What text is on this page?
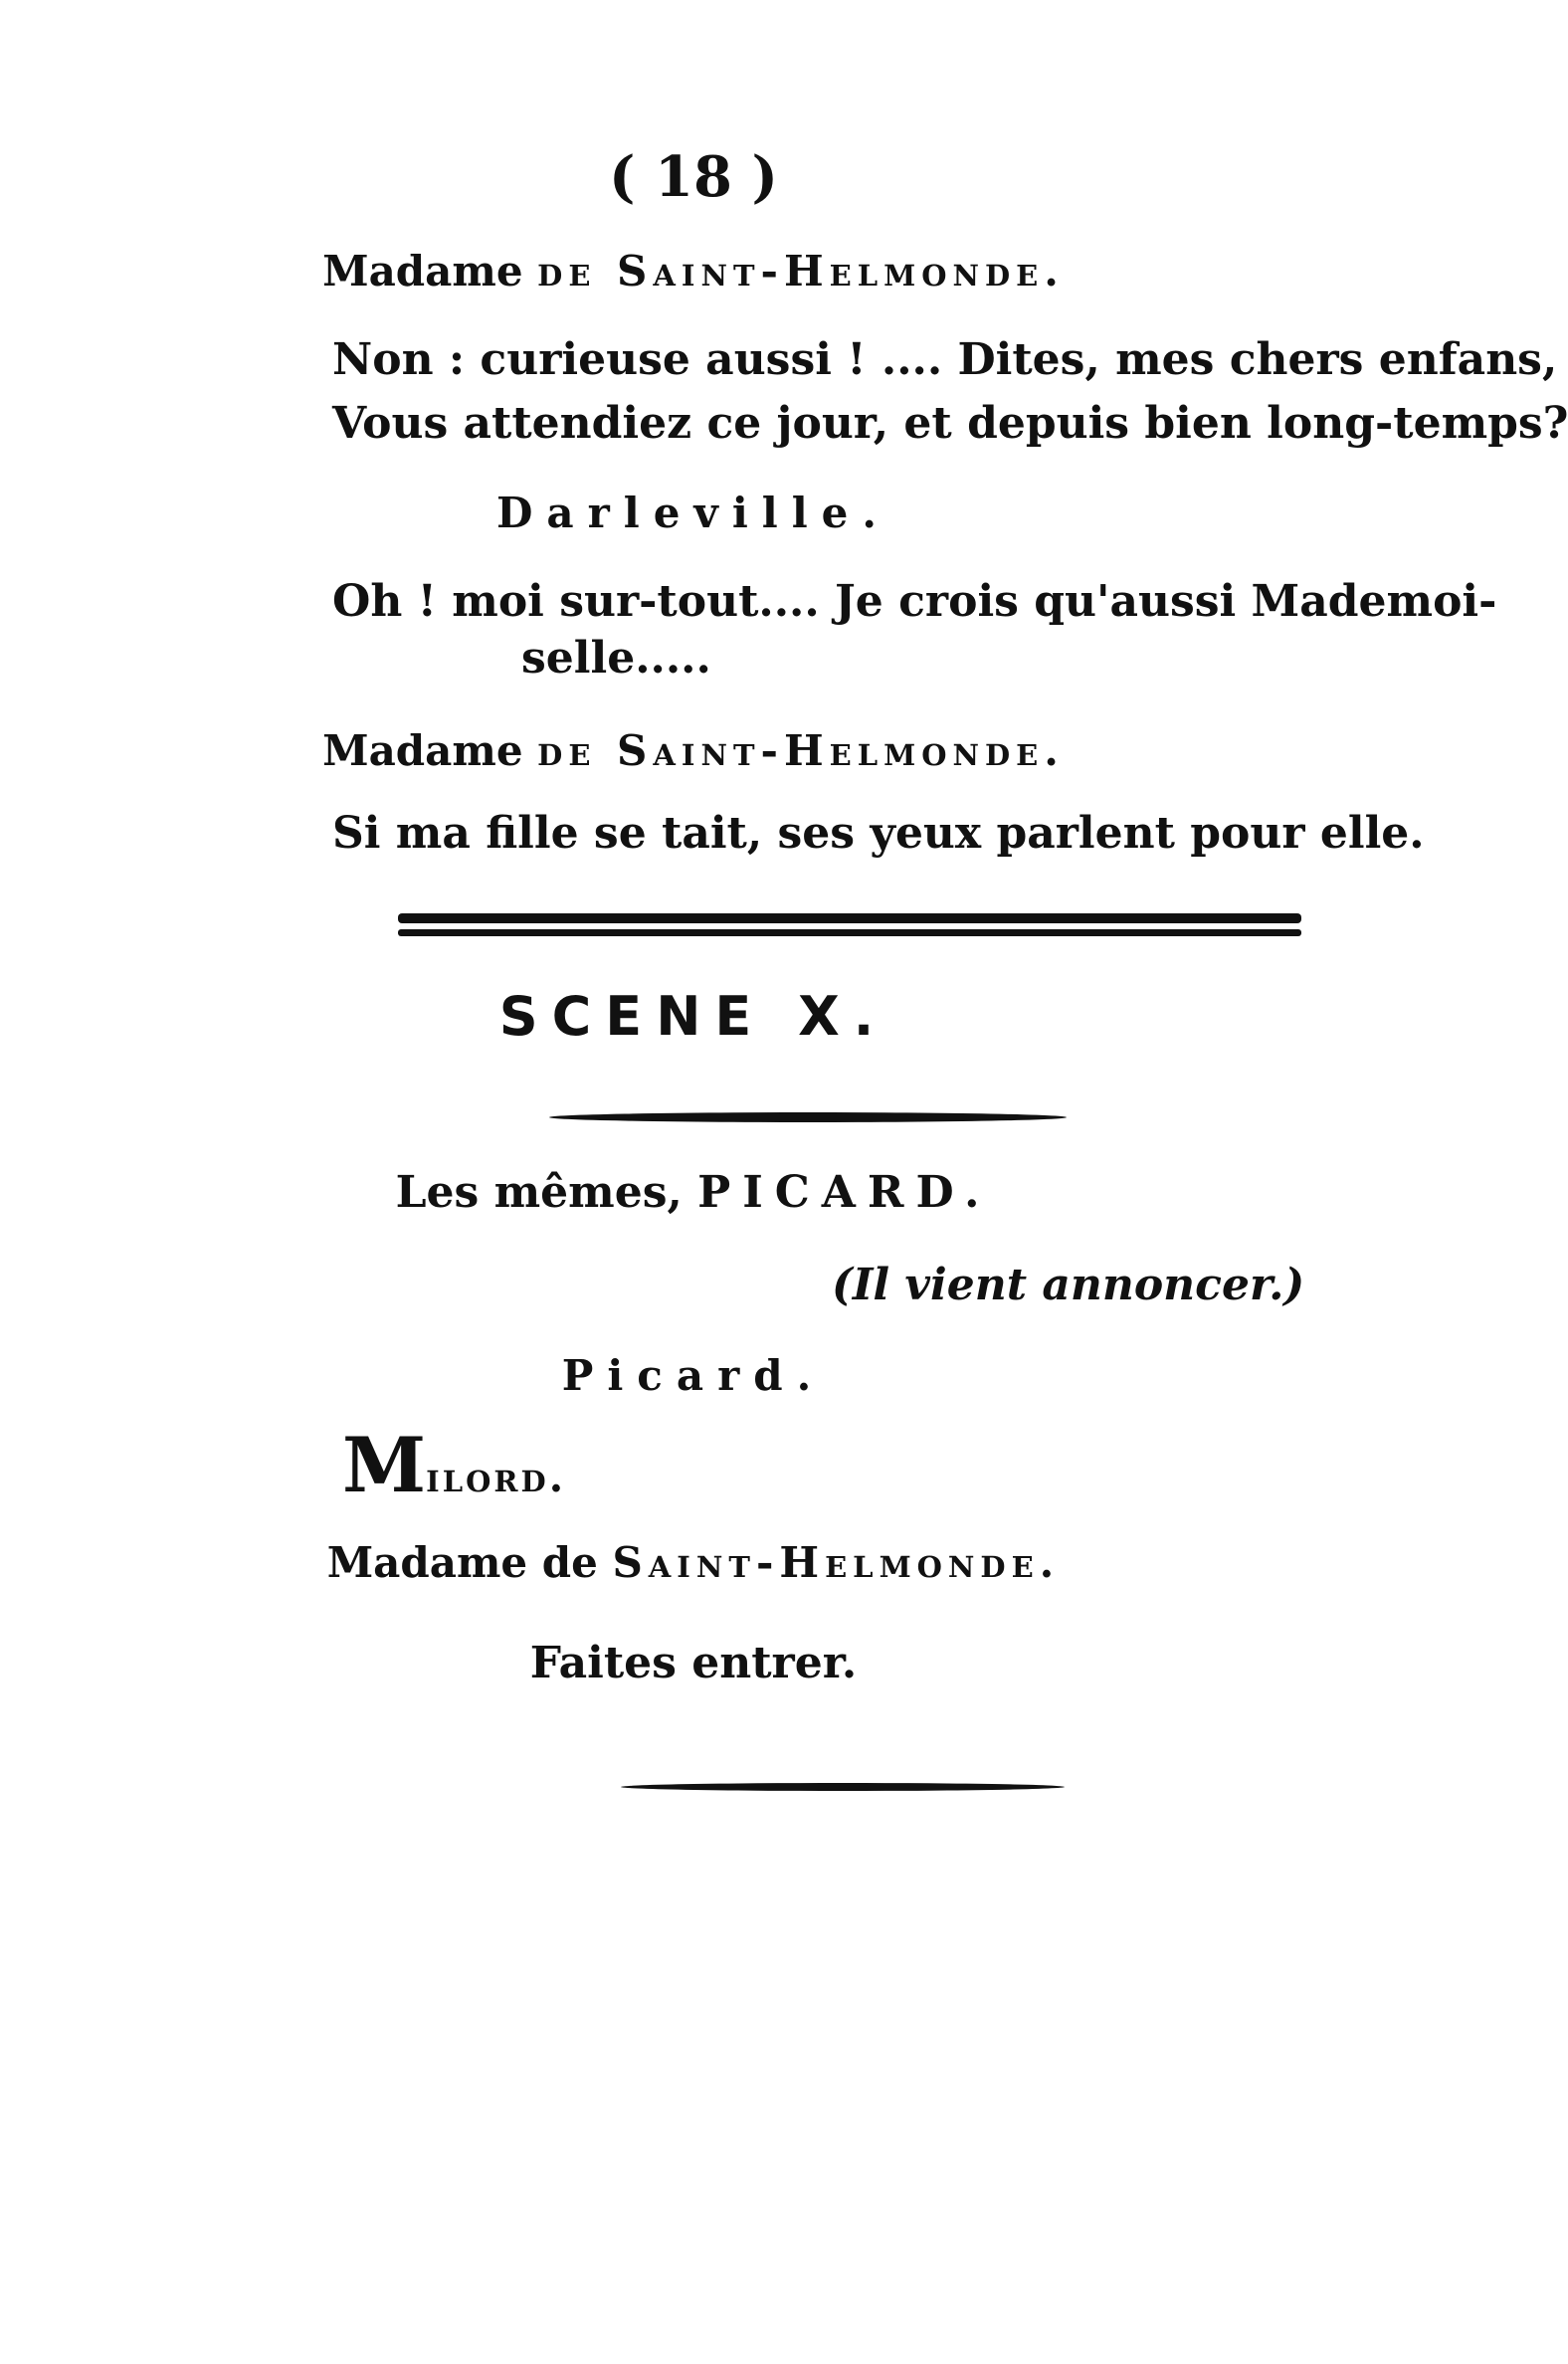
( 18 )
Madame de Saint-Helmonde.
Non : curieuse aussi ! .... Dites, mes chers enfans,
Vous attendiez ce jour, et depuis bien long-temps?
Darleville.
Oh ! moi sur-tout.... Je crois qu'aussi Mademoi-
selle.....
Madame de Saint-Helmonde.
Si ma fille se tait, ses yeux parlent pour elle.
SCENE X.
Les mêmes, PICARD.
(Il vient annoncer.)
Picard.
Milord.
Madame de Saint-Helmonde.
Faites entrer.
